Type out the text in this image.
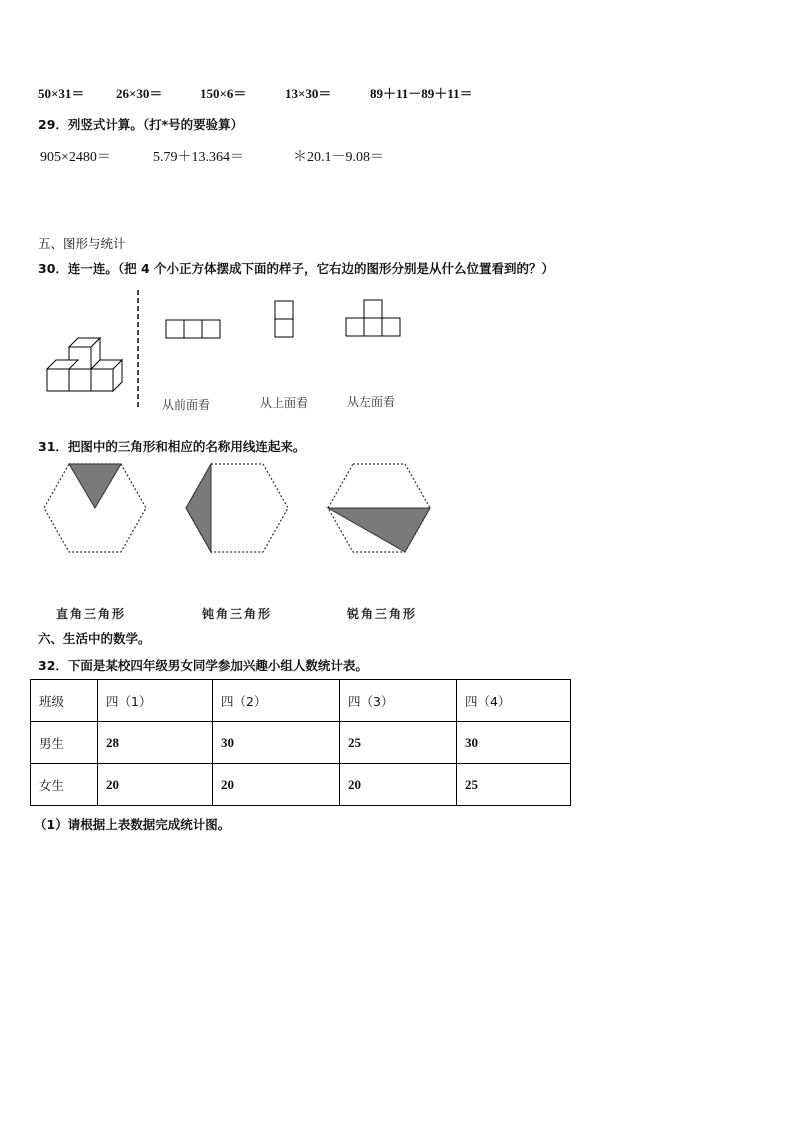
50×31＝ 26×30＝	150×6＝	13×30＝	89＋11－89＋11＝
29．列竖式计算。（打*号的要验算）
905×2480＝	5.79＋13.364＝	＊20.1－9.08＝
五、图形与统计
30．连一连。（把 4 个小正方体摆成下面的样子，它右边的图形分别是从什么位置看到的？）
从前面看	从上面看	从左面看
31．把图中的三角形和相应的名称用线连起来。
直角三角形	钝角三角形	锐角三角形
六、生活中的数学。
32．下面是某校四年级男女同学参加兴趣小组人数统计表。
班级	四（1）	四（2）	四（3）	四（4）
男生	28	30	25	30
女生	20	20	20	25
（1）请根据上表数据完成统计图。
